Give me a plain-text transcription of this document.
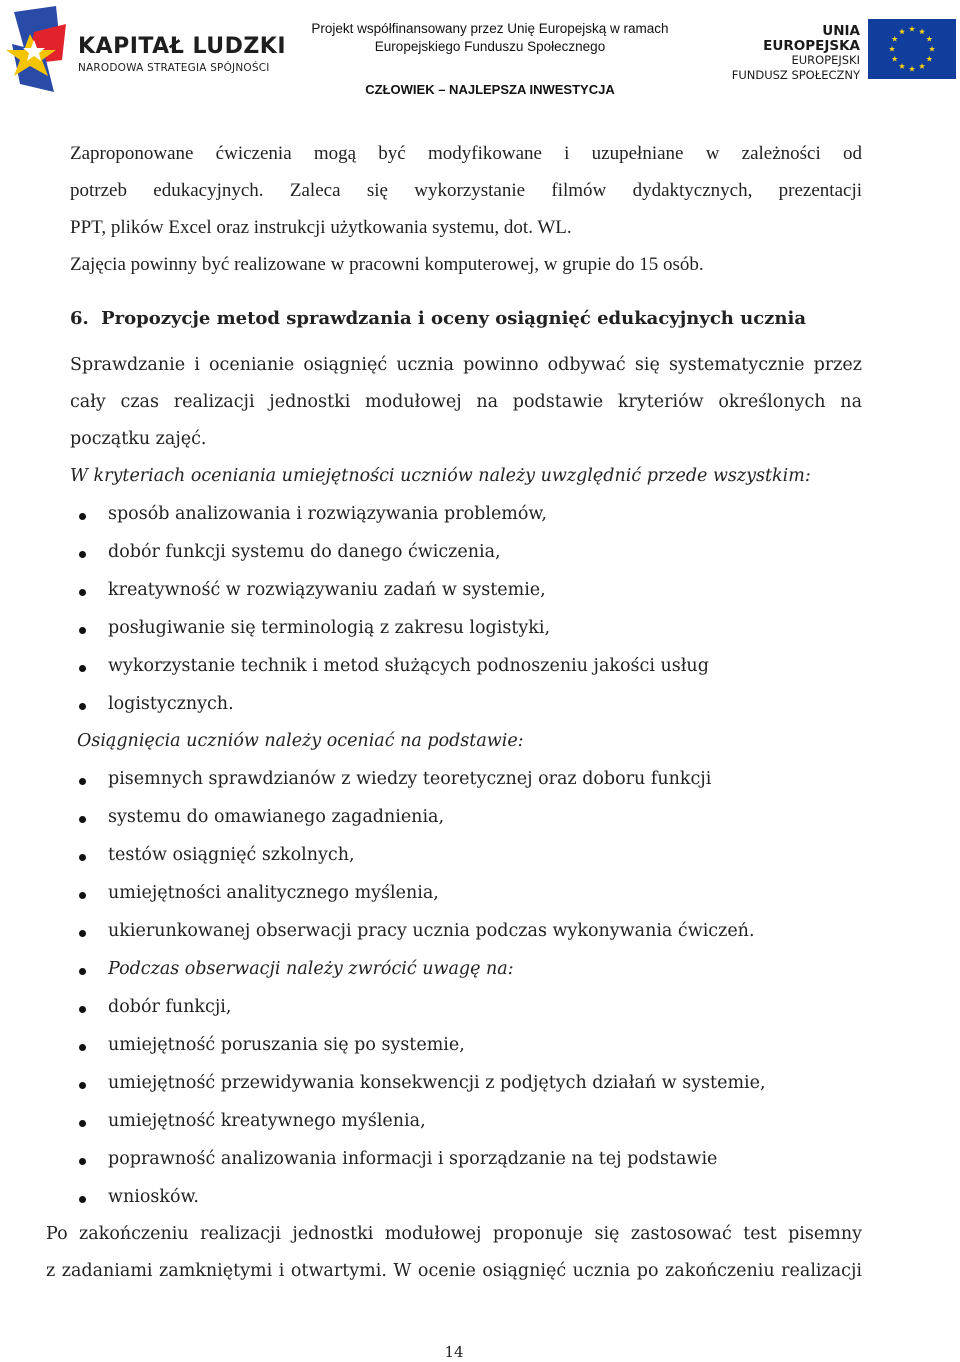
KAPITAŁ LUDZKI
NARODOWA STRATEGIA SPÓJNOŚCI
Projekt współfinansowany przez Unię Europejską w ramach
Europejskiego Funduszu Społecznego
CZŁOWIEK – NAJLEPSZA INWESTYCJA
UNIA EUROPEJSKA
EUROPEJSKI
FUNDUSZ SPOŁECZNY
Zaproponowane ćwiczenia mogą być modyfikowane i uzupełniane w zależności od
potrzeb edukacyjnych. Zaleca się wykorzystanie filmów dydaktycznych, prezentacji
PPT, plików Excel oraz instrukcji użytkowania systemu, dot. WL.
Zajęcia powinny być realizowane w pracowni komputerowej, w grupie do 15 osób.
6. Propozycje metod sprawdzania i oceny osiągnięć edukacyjnych ucznia
Sprawdzanie i ocenianie osiągnięć ucznia powinno odbywać się systematycznie przez
cały czas realizacji jednostki modułowej na podstawie kryteriów określonych na
początku zajęć.
W kryteriach oceniania umiejętności uczniów należy uwzględnić przede wszystkim:
sposób analizowania i rozwiązywania problemów,
dobór funkcji systemu do danego ćwiczenia,
kreatywność w rozwiązywaniu zadań w systemie,
posługiwanie się terminologią z zakresu logistyki,
wykorzystanie technik i metod służących podnoszeniu jakości usług
logistycznych.
Osiągnięcia uczniów należy oceniać na podstawie:
pisemnych sprawdzianów z wiedzy teoretycznej oraz doboru funkcji
systemu do omawianego zagadnienia,
testów osiągnięć szkolnych,
umiejętności analitycznego myślenia,
ukierunkowanej obserwacji pracy ucznia podczas wykonywania ćwiczeń.
Podczas obserwacji należy zwrócić uwagę na:
dobór funkcji,
umiejętność poruszania się po systemie,
umiejętność przewidywania konsekwencji z podjętych działań w systemie,
umiejętność kreatywnego myślenia,
poprawność analizowania informacji i sporządzanie na tej podstawie
wniosków.
Po zakończeniu realizacji jednostki modułowej proponuje się zastosować test pisemny
z zadaniami zamkniętymi i otwartymi. W ocenie osiągnięć ucznia po zakończeniu realizacji
14
